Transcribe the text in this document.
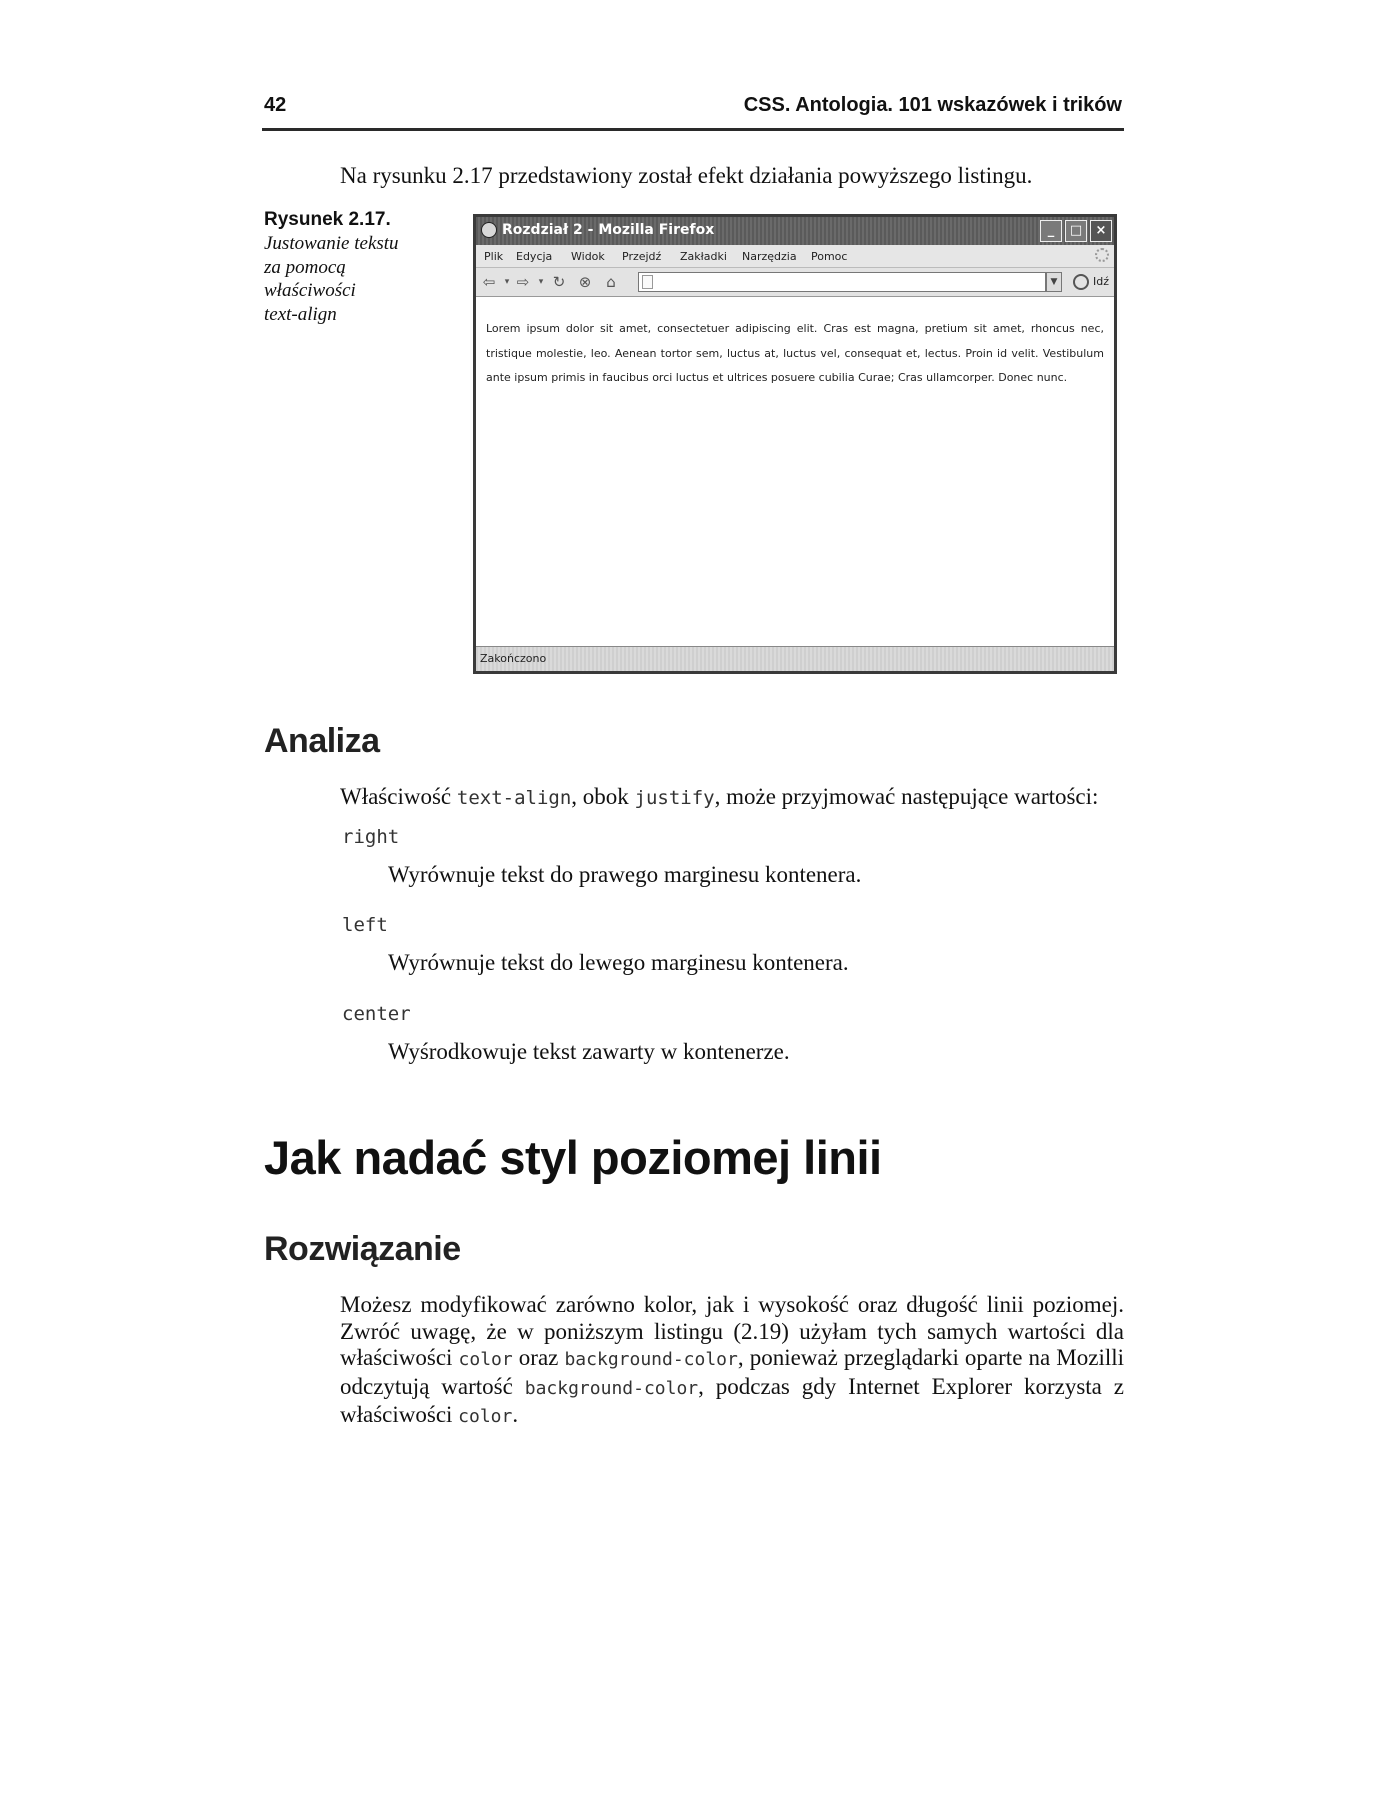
42	CSS. Antologia. 101 wskazówek i trików
Na rysunku 2.17 przedstawiony został efekt działania powyższego listingu.
Rysunek 2.17.
Justowanie tekstu
za pomocą
właściwości
text-align
Rozdział 2 - Mozilla Firefox	_	□	×
Plik Edycja Widok Przejdź Zakładki Narzędzia Pomoc
⇦	▾ ⇨	▾ ↻ ⊗ ⌂	▼	Idź
Lorem ipsum dolor sit amet, consectetuer adipiscing elit. Cras est magna, pretium sit amet, rhoncus nec, tristique molestie, leo. Aenean tortor sem, luctus at, luctus vel, consequat et, lectus. Proin id velit. Vestibulum ante ipsum primis in faucibus orci luctus et ultrices posuere cubilia Curae; Cras ullamcorper. Donec nunc.
Zakończono
Analiza
Właściwość text-align, obok justify, może przyjmować następujące wartości:
right
Wyrównuje tekst do prawego marginesu kontenera.
left
Wyrównuje tekst do lewego marginesu kontenera.
center
Wyśrodkowuje tekst zawarty w kontenerze.
Jak nadać styl poziomej linii
Rozwiązanie
Możesz modyfikować zarówno kolor, jak i wysokość oraz długość linii poziomej. Zwróć uwagę, że w poniższym listingu (2.19) użyłam tych samych wartości dla właściwości color oraz background-color, ponieważ przeglądarki oparte na Mozilli odczytują wartość background-color, podczas gdy Internet Explorer korzysta z właściwości color.
